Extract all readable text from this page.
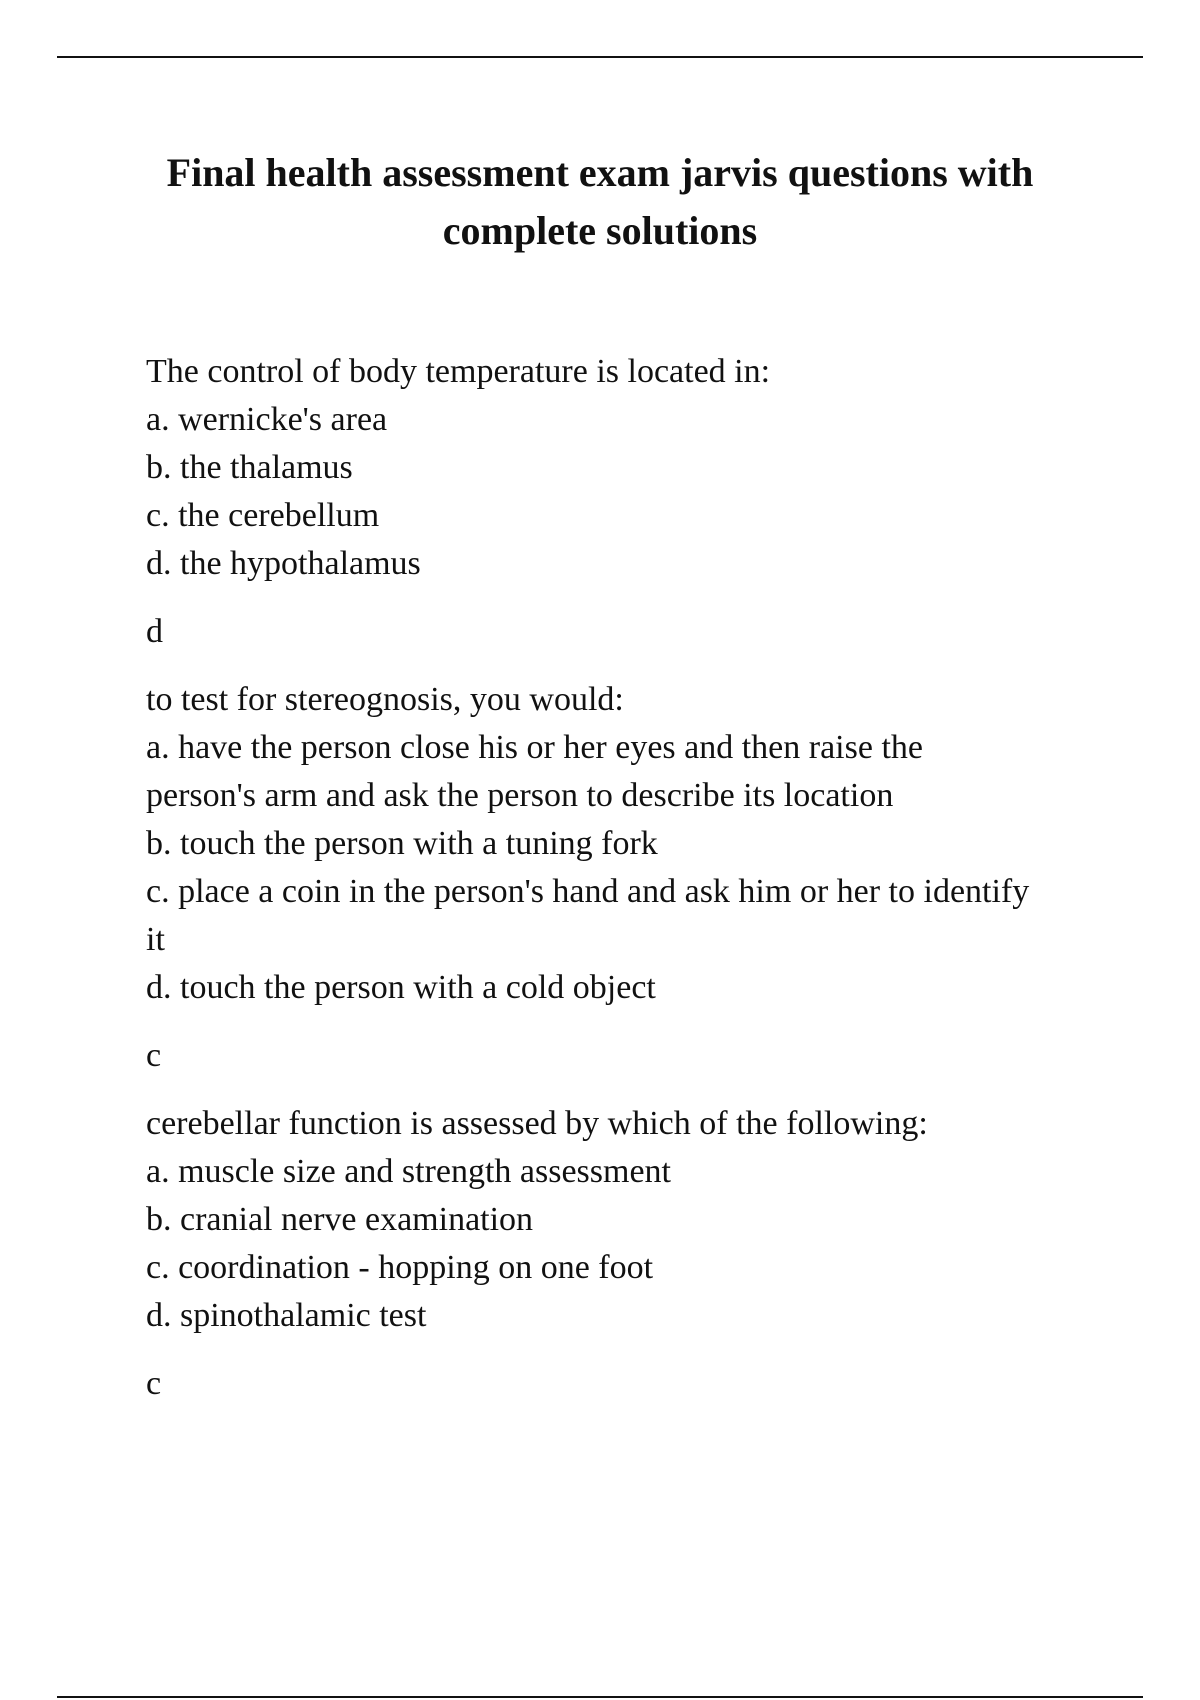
Final health assessment exam jarvis questions with complete solutions

The control of body temperature is located in:
a. wernicke's area
b. the thalamus
c. the cerebellum
d. the hypothalamus

d

to test for stereognosis, you would:
a. have the person close his or her eyes and then raise the
person's arm and ask the person to describe its location
b. touch the person with a tuning fork
c. place a coin in the person's hand and ask him or her to identify
it
d. touch the person with a cold object

c

cerebellar function is assessed by which of the following:
a. muscle size and strength assessment
b. cranial nerve examination
c. coordination - hopping on one foot
d. spinothalamic test

c
